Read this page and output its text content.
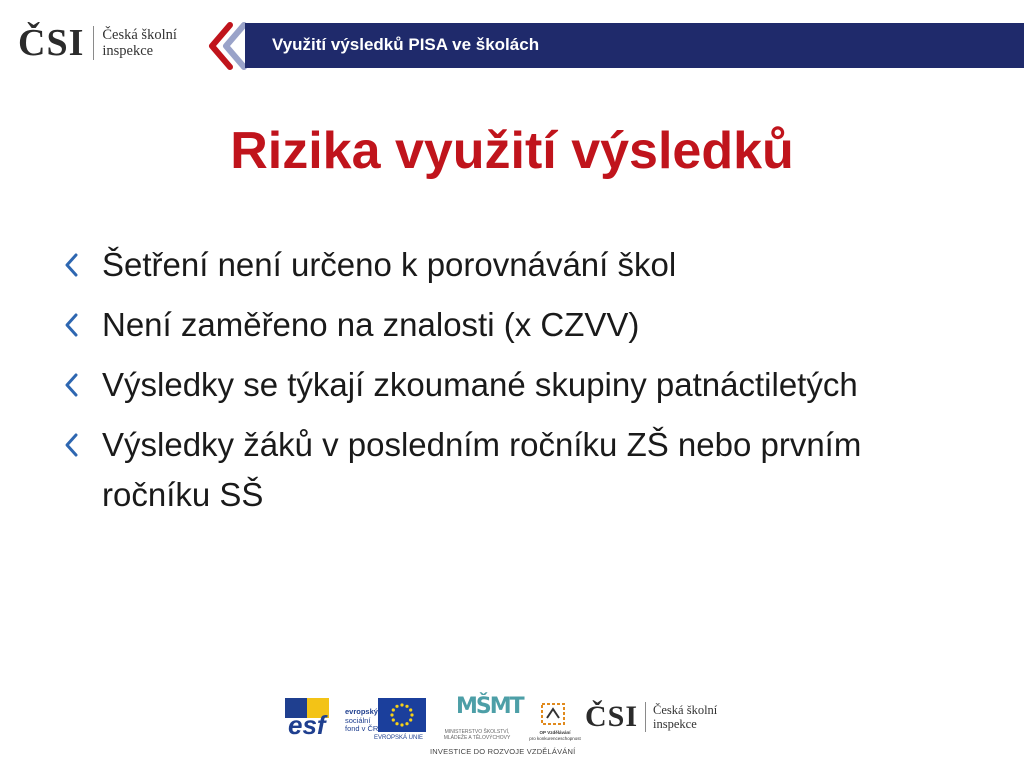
ČSI Česká školní
inspekce	Využití výsledků PISA ve školách
Rizika využití výsledků
Šetření není určeno k porovnávání škol
Není zaměřeno na znalosti (x CZVV)
Výsledky se týkají zkoumané skupiny patnáctiletých
Výsledky žáků v posledním ročníku ZŠ nebo prvním ročníku SŠ
esf	evropský
sociální
fond v ČR
EVROPSKÁ UNIE
MŠMT
MINISTERSTVO ŠKOLSTVÍ,
MLÁDEŽE A TĚLOVÝCHOVY
OP Vzdělávání
pro konkurenceschopnost
ČSI Česká školní
inspekce
INVESTICE DO ROZVOJE VZDĚLÁVÁNÍ
